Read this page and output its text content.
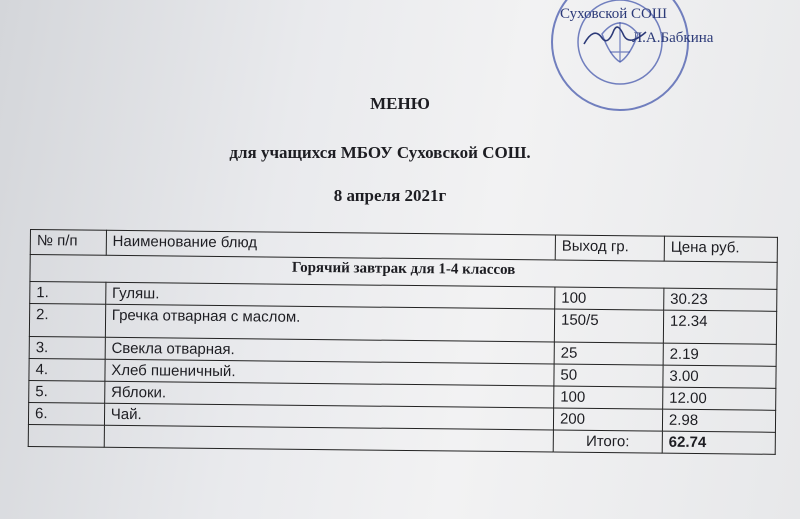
Суховской СОШ
Л.А.Бабкина
МЕНЮ
для учащихся МБОУ Суховской СОШ.
8 апреля 2021г
№ п/п	Наименование блюд	Выход гр.	Цена руб.
Горячий завтрак для 1-4 классов			
1.	Гуляш.	100	30.23
2.	Гречка отварная с маслом.	150/5	12.34
3.	Свекла отварная.	25	2.19
4.	Хлеб пшеничный.	50	3.00
5.	Яблоки.	100	12.00
6.	Чай.	200	2.98
		Итого:	62.74
